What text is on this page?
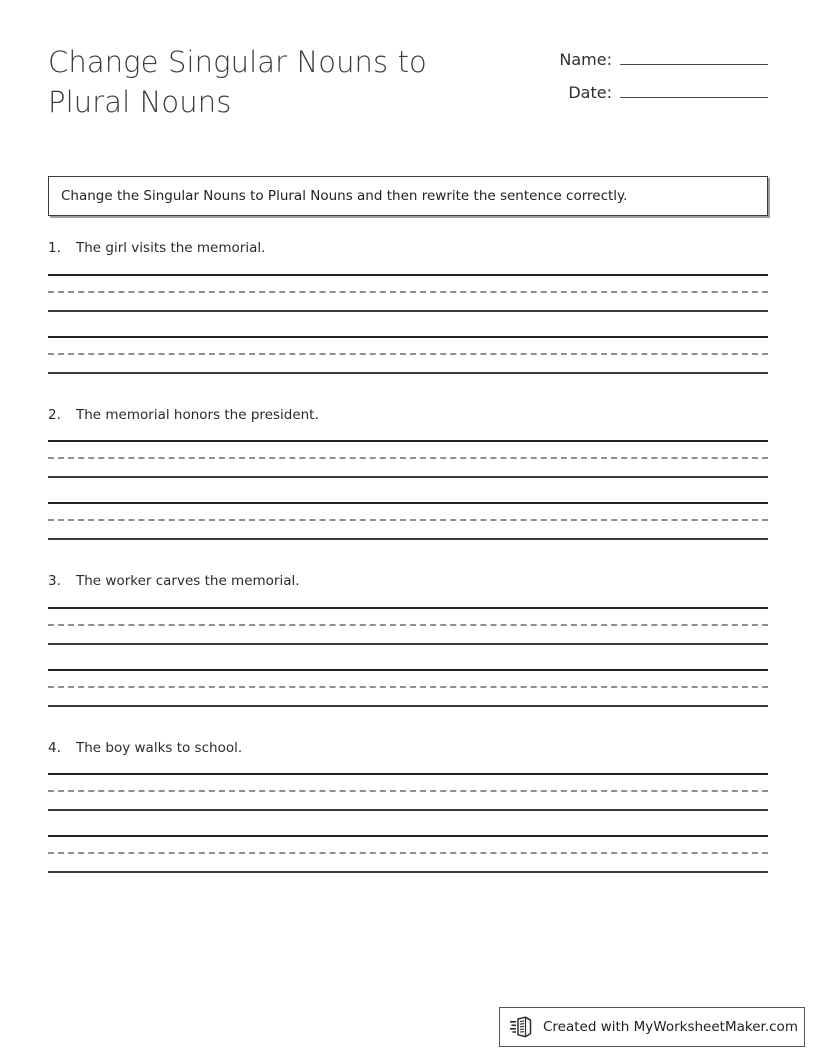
Change Singular Nouns to Plural Nouns
Name:
Date:
Change the Singular Nouns to Plural Nouns and then rewrite the sentence correctly.

1.	The girl visits the memorial.

2.	The memorial honors the president.

3.	The worker carves the memorial.

4.	The boy walks to school.

Created with MyWorksheetMaker.com
